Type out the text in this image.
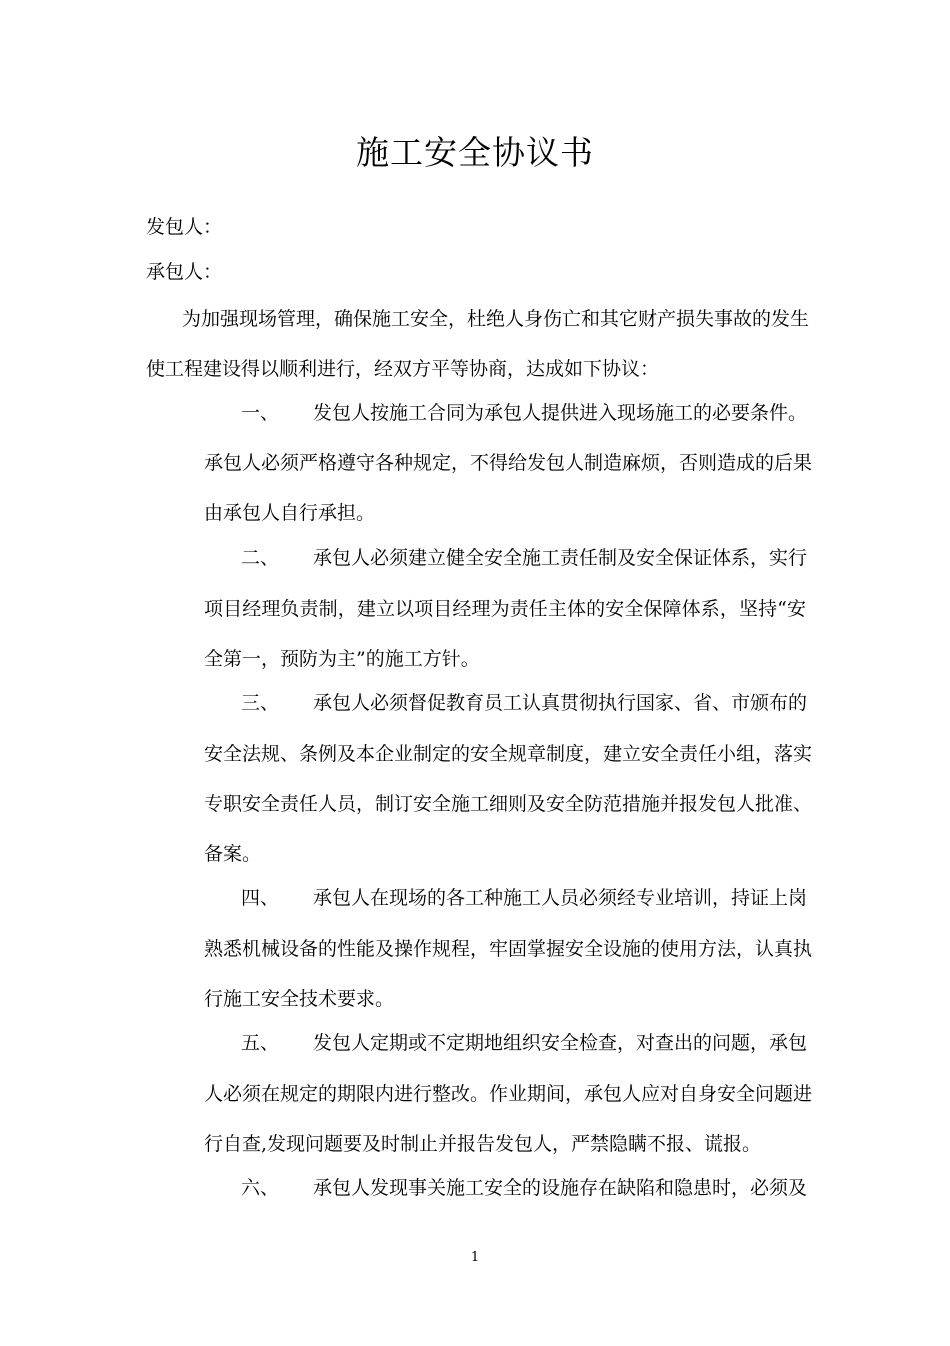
施工安全协议书

发包人：

承包人：

为加强现场管理，确保施工安全，杜绝人身伤亡和其它财产损失事故的发生

使工程建设得以顺利进行，经双方平等协商，达成如下协议：

一、 发包人按施工合同为承包人提供进入现场施工的必要条件。

承包人必须严格遵守各种规定，不得给发包人制造麻烦，否则造成的后果

由承包人自行承担。

二、 承包人必须建立健全安全施工责任制及安全保证体系，实行

项目经理负责制，建立以项目经理为责任主体的安全保障体系，坚持“安

全第一，预防为主”的施工方针。

三、 承包人必须督促教育员工认真贯彻执行国家、省、市颁布的

安全法规、条例及本企业制定的安全规章制度，建立安全责任小组，落实

专职安全责任人员，制订安全施工细则及安全防范措施并报发包人批准、

备案。

四、 承包人在现场的各工种施工人员必须经专业培训，持证上岗

熟悉机械设备的性能及操作规程，牢固掌握安全设施的使用方法，认真执

行施工安全技术要求。

五、 发包人定期或不定期地组织安全检查，对查出的问题，承包

人必须在规定的期限内进行整改。作业期间，承包人应对自身安全问题进

行自查,发现问题要及时制止并报告发包人，严禁隐瞒不报、谎报。

六、 承包人发现事关施工安全的设施存在缺陷和隐患时，必须及
1
